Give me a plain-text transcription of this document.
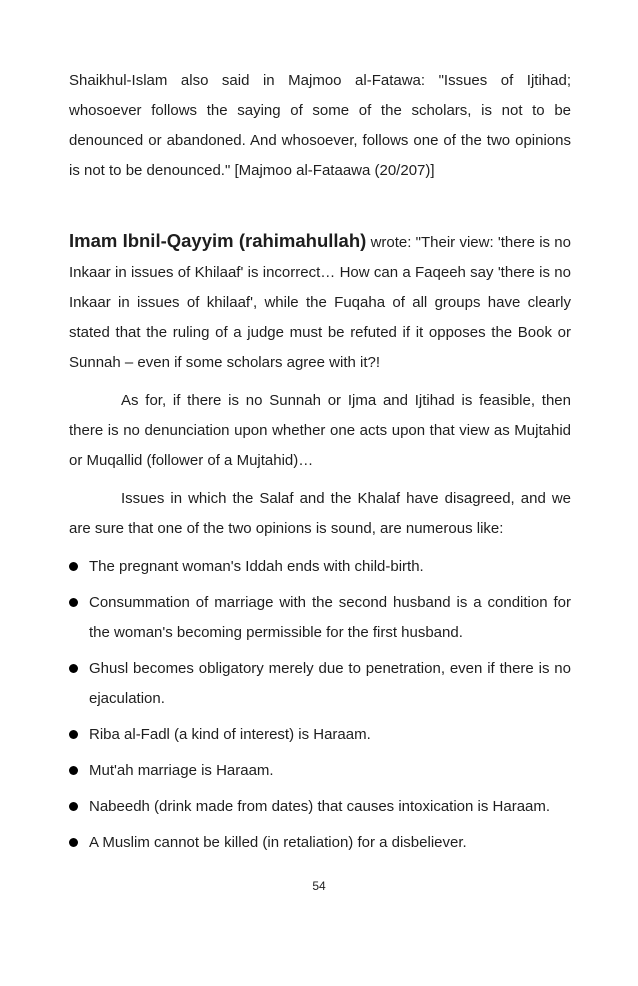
Shaikhul-Islam also said in Majmoo al-Fatawa: "Issues of Ijtihad; whosoever follows the saying of some of the scholars, is not to be denounced or abandoned. And whosoever, follows one of the two opinions is not to be denounced." [Majmoo al-Fataawa (20/207)]

Imam Ibnil-Qayyim (rahimahullah) wrote: "Their view: 'there is no Inkaar in issues of Khilaaf' is incorrect… How can a Faqeeh say 'there is no Inkaar in issues of khilaaf', while the Fuqaha of all groups have clearly stated that the ruling of a judge must be refuted if it opposes the Book or Sunnah – even if some scholars agree with it?!

As for, if there is no Sunnah or Ijma and Ijtihad is feasible, then there is no denunciation upon whether one acts upon that view as Mujtahid or Muqallid (follower of a Mujtahid)…

Issues in which the Salaf and the Khalaf have disagreed, and we are sure that one of the two opinions is sound, are numerous like:

The pregnant woman's Iddah ends with child-birth.
Consummation of marriage with the second husband is a condition for the woman's becoming permissible for the first husband.
Ghusl becomes obligatory merely due to penetration, even if there is no ejaculation.
Riba al-Fadl (a kind of interest) is Haraam.
Mut'ah marriage is Haraam.
Nabeedh (drink made from dates) that causes intoxication is Haraam.
A Muslim cannot be killed (in retaliation) for a disbeliever.
54
